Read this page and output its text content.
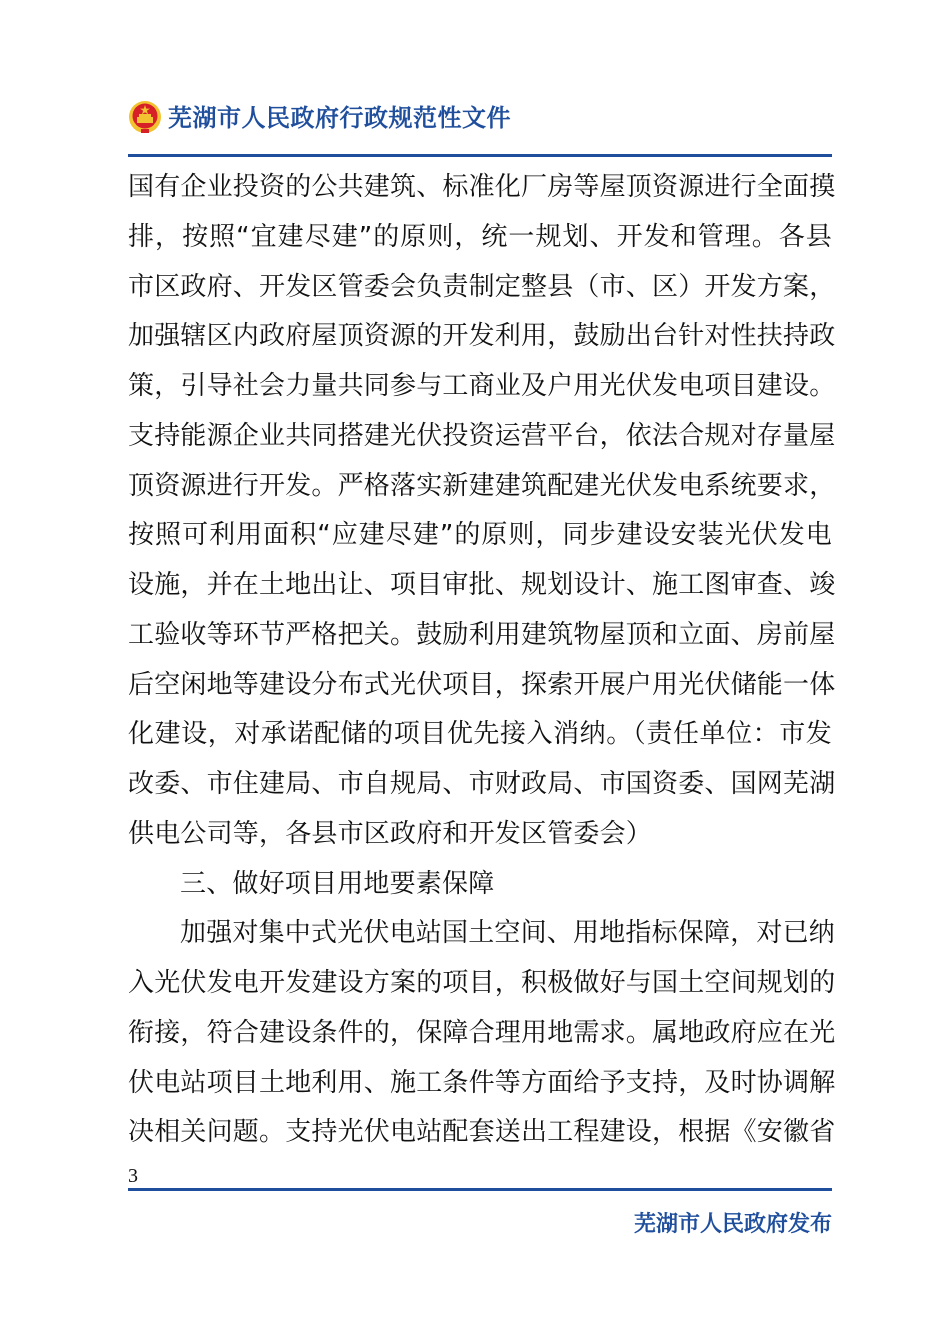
芜湖市人民政府行政规范性文件
国有企业投资的公共建筑、标准化厂房等屋顶资源进行全面摸
排，按照“宜建尽建”的原则，统一规划、开发和管理。各县
市区政府、开发区管委会负责制定整县（市、区）开发方案，
加强辖区内政府屋顶资源的开发利用，鼓励出台针对性扶持政
策，引导社会力量共同参与工商业及户用光伏发电项目建设。
支持能源企业共同搭建光伏投资运营平台，依法合规对存量屋
顶资源进行开发。严格落实新建建筑配建光伏发电系统要求，
按照可利用面积“应建尽建”的原则，同步建设安装光伏发电
设施，并在土地出让、项目审批、规划设计、施工图审查、竣
工验收等环节严格把关。鼓励利用建筑物屋顶和立面、房前屋
后空闲地等建设分布式光伏项目，探索开展户用光伏储能一体
化建设，对承诺配储的项目优先接入消纳。（责任单位：市发
改委、市住建局、市自规局、市财政局、市国资委、国网芜湖
供电公司等，各县市区政府和开发区管委会）
三、做好项目用地要素保障
加强对集中式光伏电站国土空间、用地指标保障，对已纳
入光伏发电开发建设方案的项目，积极做好与国土空间规划的
衔接，符合建设条件的，保障合理用地需求。属地政府应在光
伏电站项目土地利用、施工条件等方面给予支持，及时协调解
决相关问题。支持光伏电站配套送出工程建设，根据《安徽省
3
芜湖市人民政府发布
